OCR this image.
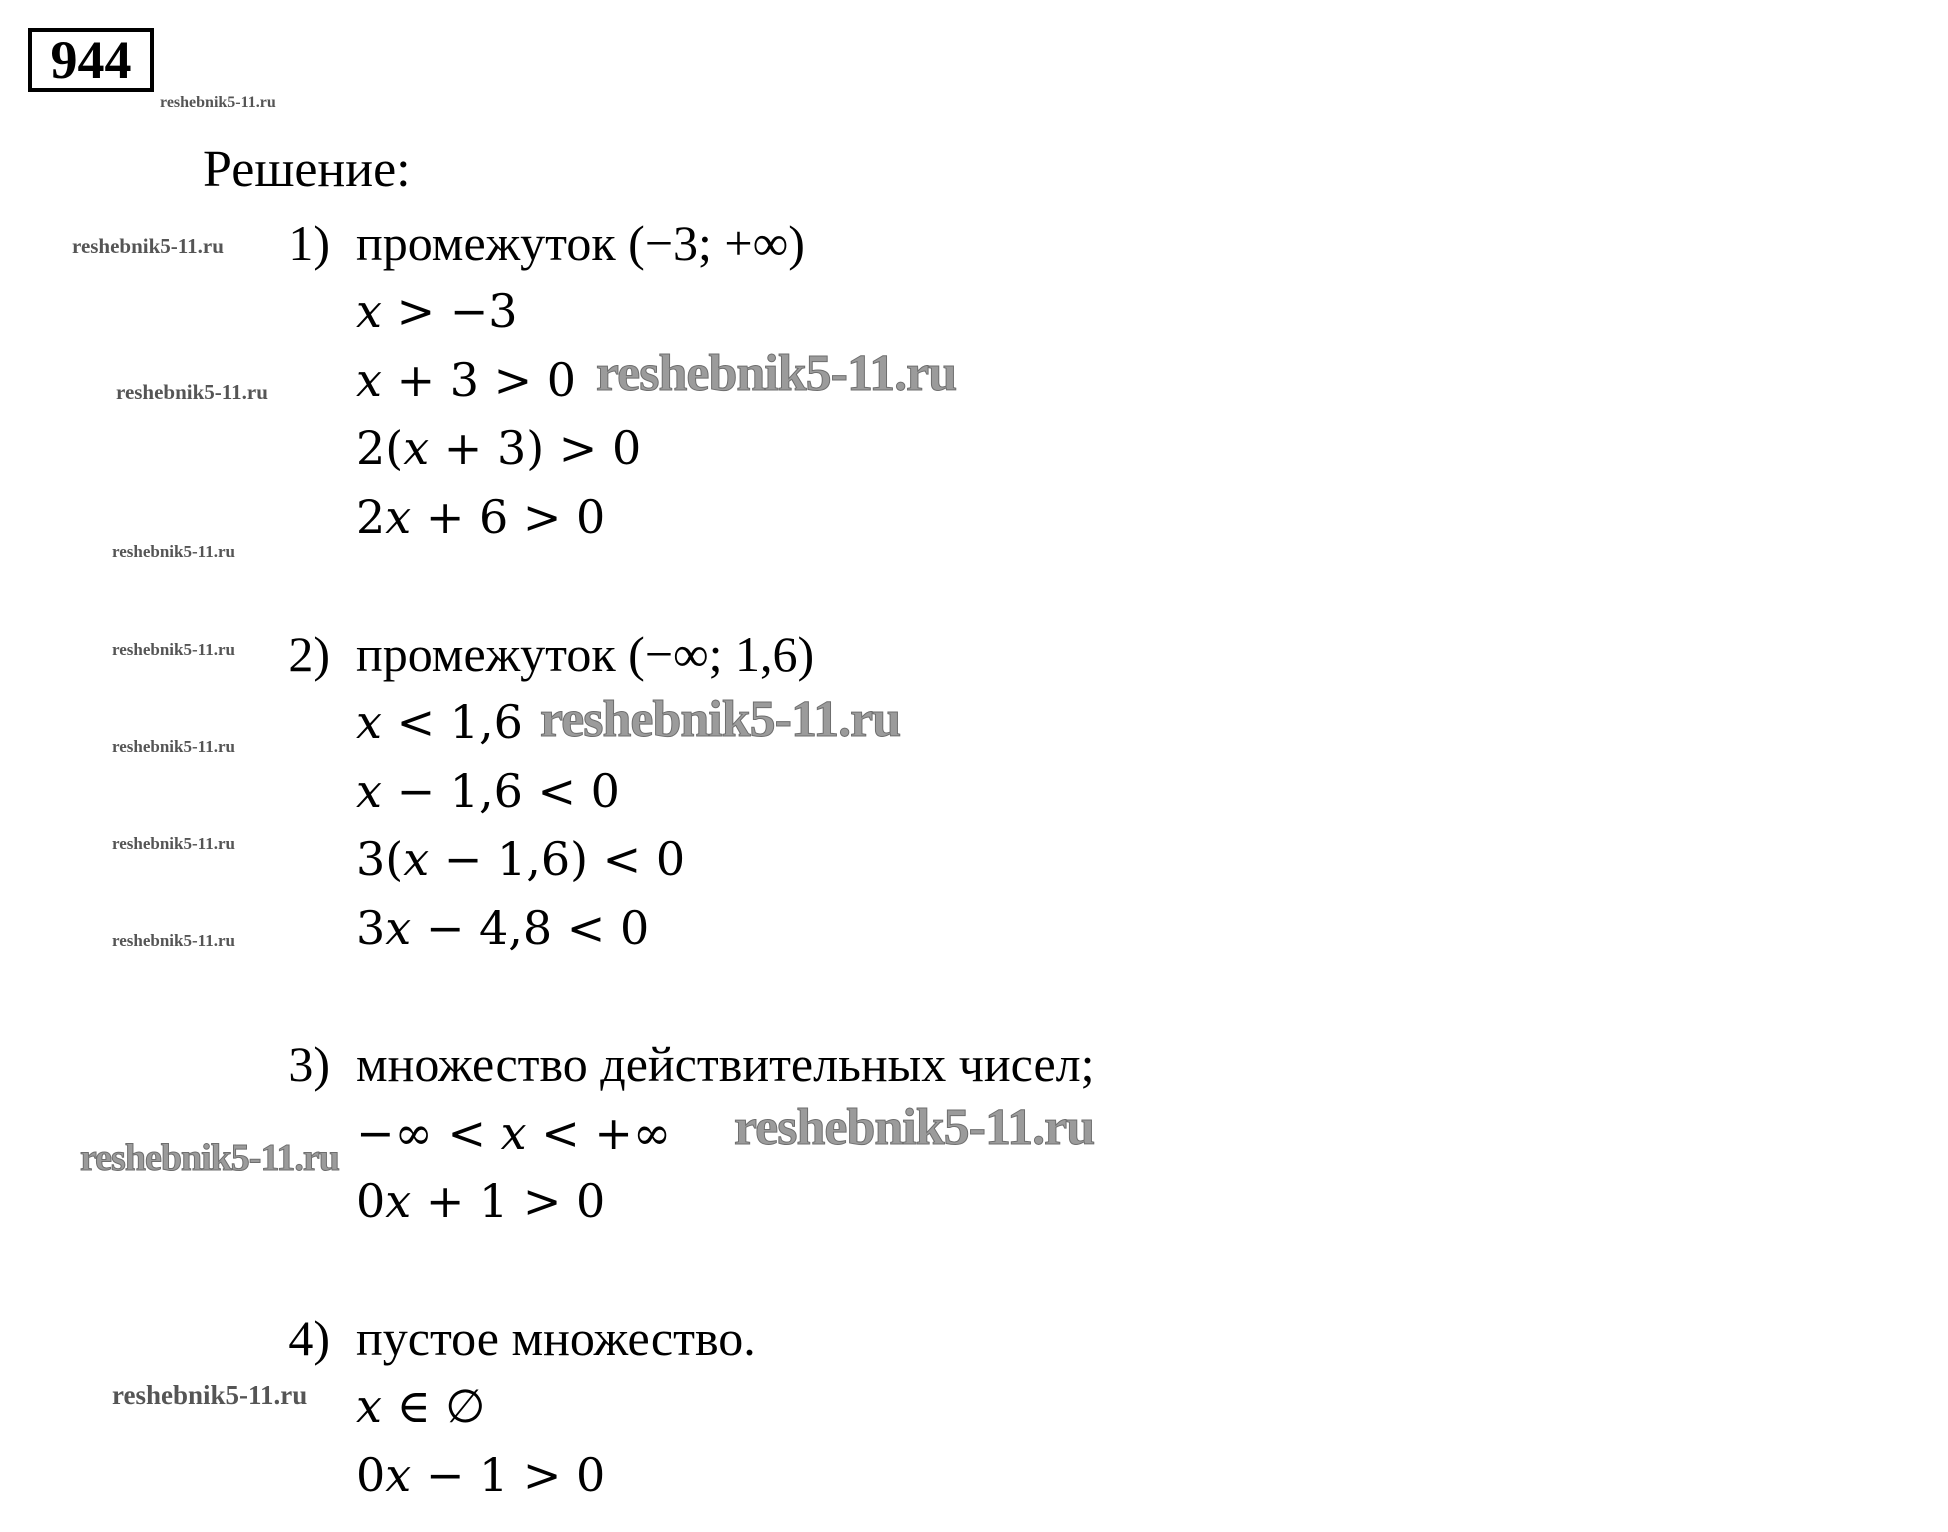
944
reshebnik5-11.ru
reshebnik5-11.ru
reshebnik5-11.ru
reshebnik5-11.ru
reshebnik5-11.ru
reshebnik5-11.ru
reshebnik5-11.ru
reshebnik5-11.ru
reshebnik5-11.ru
reshebnik5-11.ru
reshebnik5-11.ru
reshebnik5-11.ru
reshebnik5-11.ru
Решение:
1) промежуток (−3; +∞)
𝑥 > −3
𝑥 + 3 > 0
2(𝑥 + 3) > 0
2𝑥 + 6 > 0
2) промежуток (−∞; 1,6)
𝑥 < 1,6
𝑥 − 1,6 < 0
3(𝑥 − 1,6) < 0
3𝑥 − 4,8 < 0
3) множество действительных чисел;
−∞ < 𝑥 < +∞
0𝑥 + 1 > 0
4) пустое множество.
𝑥 ∈ ∅
0𝑥 − 1 > 0
